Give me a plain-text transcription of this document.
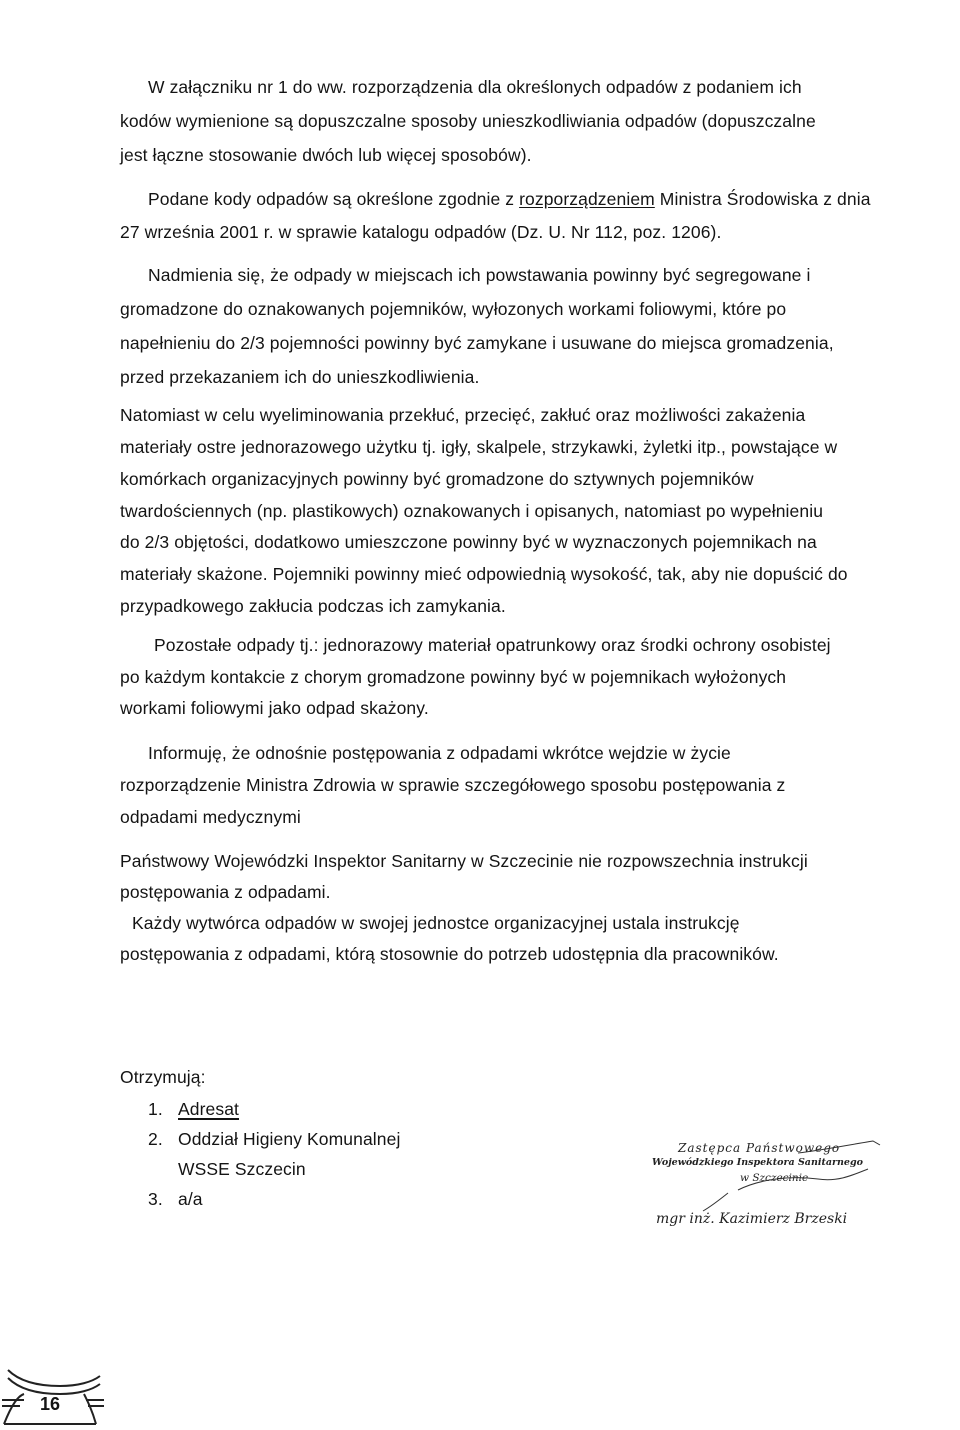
W załączniku nr 1 do ww. rozporządzenia dla określonych odpadów z podaniem ich
kodów wymienione są dopuszczalne sposoby unieszkodliwiania odpadów (dopuszczalne
jest łączne stosowanie dwóch lub więcej sposobów).
Podane kody odpadów są określone zgodnie z rozporządzeniem Ministra Środowiska z dnia
27 września 2001 r. w sprawie katalogu odpadów (Dz. U. Nr 112, poz. 1206).
Nadmienia się, że odpady w miejscach ich powstawania powinny być segregowane i
gromadzone do oznakowanych pojemników, wyłozonych workami foliowymi, które po
napełnieniu do 2/3 pojemności powinny być zamykane i usuwane do miejsca gromadzenia,
przed przekazaniem ich do unieszkodliwienia.
Natomiast w celu wyeliminowania przekłuć, przecięć, zakłuć oraz możliwości zakażenia
materiały ostre jednorazowego użytku tj. igły, skalpele, strzykawki, żyletki itp., powstające w
komórkach organizacyjnych powinny być gromadzone do sztywnych pojemników
twardościennych (np. plastikowych) oznakowanych i opisanych, natomiast po wypełnieniu
do 2/3 objętości, dodatkowo umieszczone powinny być w wyznaczonych pojemnikach na
materiały skażone. Pojemniki powinny mieć odpowiednią wysokość, tak, aby nie dopuścić do
przypadkowego zakłucia podczas ich zamykania.
Pozostałe odpady tj.: jednorazowy materiał opatrunkowy oraz środki ochrony osobistej
po każdym kontakcie z chorym gromadzone powinny być w pojemnikach wyłożonych
workami foliowymi jako odpad skażony.
Informuję, że odnośnie postępowania z odpadami wkrótce wejdzie w życie
rozporządzenie Ministra Zdrowia w sprawie szczegółowego sposobu postępowania z
odpadami medycznymi
Państwowy Wojewódzki Inspektor Sanitarny w Szczecinie nie rozpowszechnia instrukcji
postępowania z odpadami.
Każdy wytwórca odpadów w swojej jednostce organizacyjnej ustala instrukcję
postępowania z odpadami, którą stosownie do potrzeb udostępnia dla pracowników.
Otrzymują:
1. Adresat
2. Oddział Higieny Komunalnej
WSSE Szczecin
3. a/a
Zastępca Państwowego
Wojewódzkiego Inspektora Sanitarnego
w Szczecinie
mgr inż. Kazimierz Brzeski
16
